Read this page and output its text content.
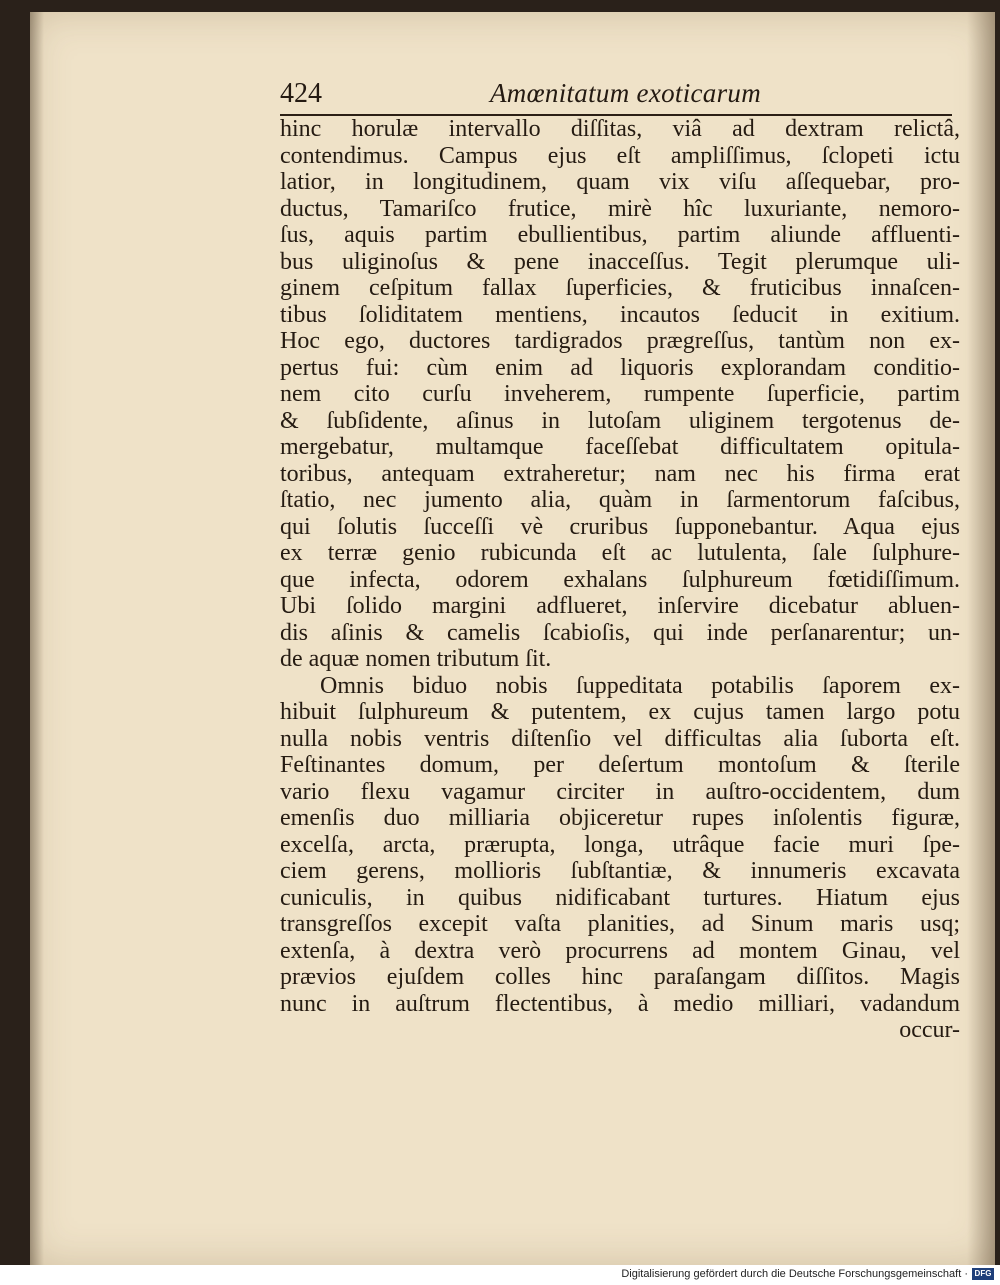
424	Amœnitatum exoticarum
hinc horulæ intervallo diſſitas, viâ ad dextram relictâ,
contendimus. Campus ejus eſt ampliſſimus, ſclopeti ictu
latior, in longitudinem, quam vix viſu aſſequebar, pro-
ductus, Tamariſco frutice, mirè hîc luxuriante, nemoro-
ſus, aquis partim ebullientibus, partim aliunde affluenti-
bus uliginoſus & pene inacceſſus. Tegit plerumque uli-
ginem ceſpitum fallax ſuperficies, & fruticibus innaſcen-
tibus ſoliditatem mentiens, incautos ſeducit in exitium.
Hoc ego, ductores tardigrados prægreſſus, tantùm non ex-
pertus fui: cùm enim ad liquoris explorandam conditio-
nem cito curſu inveherem, rumpente ſuperficie, partim
& ſubſidente, aſinus in lutoſam uliginem tergotenus de-
mergebatur, multamque faceſſebat difficultatem opitula-
toribus, antequam extraheretur; nam nec his firma erat
ſtatio, nec jumento alia, quàm in ſarmentorum faſcibus,
qui ſolutis ſucceſſi vè cruribus ſupponebantur. Aqua ejus
ex terræ genio rubicunda eſt ac lutulenta, ſale ſulphure-
que infecta, odorem exhalans ſulphureum fœtidiſſimum.
Ubi ſolido margini adflueret, inſervire dicebatur abluen-
dis aſinis & camelis ſcabioſis, qui inde perſanarentur; un-
de aquæ nomen tributum ſit.
Omnis biduo nobis ſuppeditata potabilis ſaporem ex-
hibuit ſulphureum & putentem, ex cujus tamen largo potu
nulla nobis ventris diſtenſio vel difficultas alia ſuborta eſt.
Feſtinantes domum, per deſertum montoſum & ſterile
vario flexu vagamur circiter in auſtro-occidentem, dum
emenſis duo milliaria objiceretur rupes inſolentis figuræ,
excelſa, arcta, prærupta, longa, utrâque facie muri ſpe-
ciem gerens, mollioris ſubſtantiæ, & innumeris excavata
cuniculis, in quibus nidificabant turtures. Hiatum ejus
transgreſſos excepit vaſta planities, ad Sinum maris usq;
extenſa, à dextra verò procurrens ad montem Ginau, vel
prævios ejuſdem colles hinc paraſangam diſſitos. Magis
nunc in auſtrum flectentibus, à medio milliari, vadandum
occur-
Digitalisierung gefördert durch die Deutsche Forschungsgemeinschaft · DFG
